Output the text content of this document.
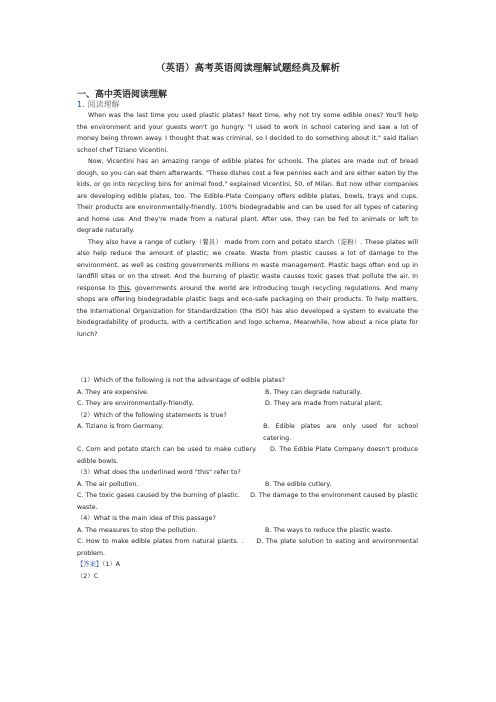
（英语）高考英语阅读理解试题经典及解析
一、高中英语阅读理解
1. 阅读理解

When was the last time you used plastic plates? Next time, why not try some edible ones? You'll help the environment and your guests won't go hungry. "I used to work in school catering and saw a lot of money being thrown away. I thought that was criminal, so I decided to do something about it," said Italian school chef Tiziano Vicentini.

Now, Vicentini has an amazing range of edible plates for schools. The plates are made out of bread dough, so you can eat them afterwards. "These dishes cost a few pennies each and are either eaten by the kids, or go into recycling bins for animal food," explained Vicentini, 50, of Milan. But now other companies are developing edible plates, too. The Edible-Plate Company offers edible plates, bowls, trays and cups. Their products are environmentally-friendly, 100% biodegradable and can be used for all types of catering and home use. And they're made from a natural plant. After use, they can be fed to animals or left to degrade naturally.

They also have a range of cutlery（餐具） made from corn and potato starch（淀粉）. These plates will also help reduce the amount of plastic; we create. Waste from plastic causes a lot of damage to the environment, as well as costing governments millions m waste management. Plastic bags often end up in landfill sites or on the street. And the burning of plastic waste causes toxic gases that pollute the air. In response to this, governments around the world are introducing tough recycling regulations. And many shops are offering biodegradable plastic bags and eco-safe packaging on their products. To help matters, the International Organization for Standardization (the ISO) has also developed a system to evaluate the biodegradability of products, with a certification and logo scheme, Meanwhile, how about a nice plate for lunch?

（1）Which of the following is not the advantage of edible plates?

A. They are expensive.	B. They can degrade naturally.
C. They are environmentally-friendly.	D. They are made from natural plant.

（2）Which of the following statements is true?

A. Tiziano is from Germany.	B. Edible plates are only used for school catering.

C. Corn and potato starch can be used to make cutlery. D. The Edible Plate Company doesn't produce edible bowls.

（3）What does the underlined word "this" refer to?

A. The air pollution.	B. The edible cutlery.

C. The toxic gases caused by the burning of plastic. D. The damage to the environment caused by plastic waste.

（4）What is the main idea of this passage?

A. The measures to stop the pollution.	B. The ways to reduce the plastic waste.

C. How to make edible plates from natural plants. . D. The plate solution to eating and environmental problem.

【答案】（1）A

（2）C
